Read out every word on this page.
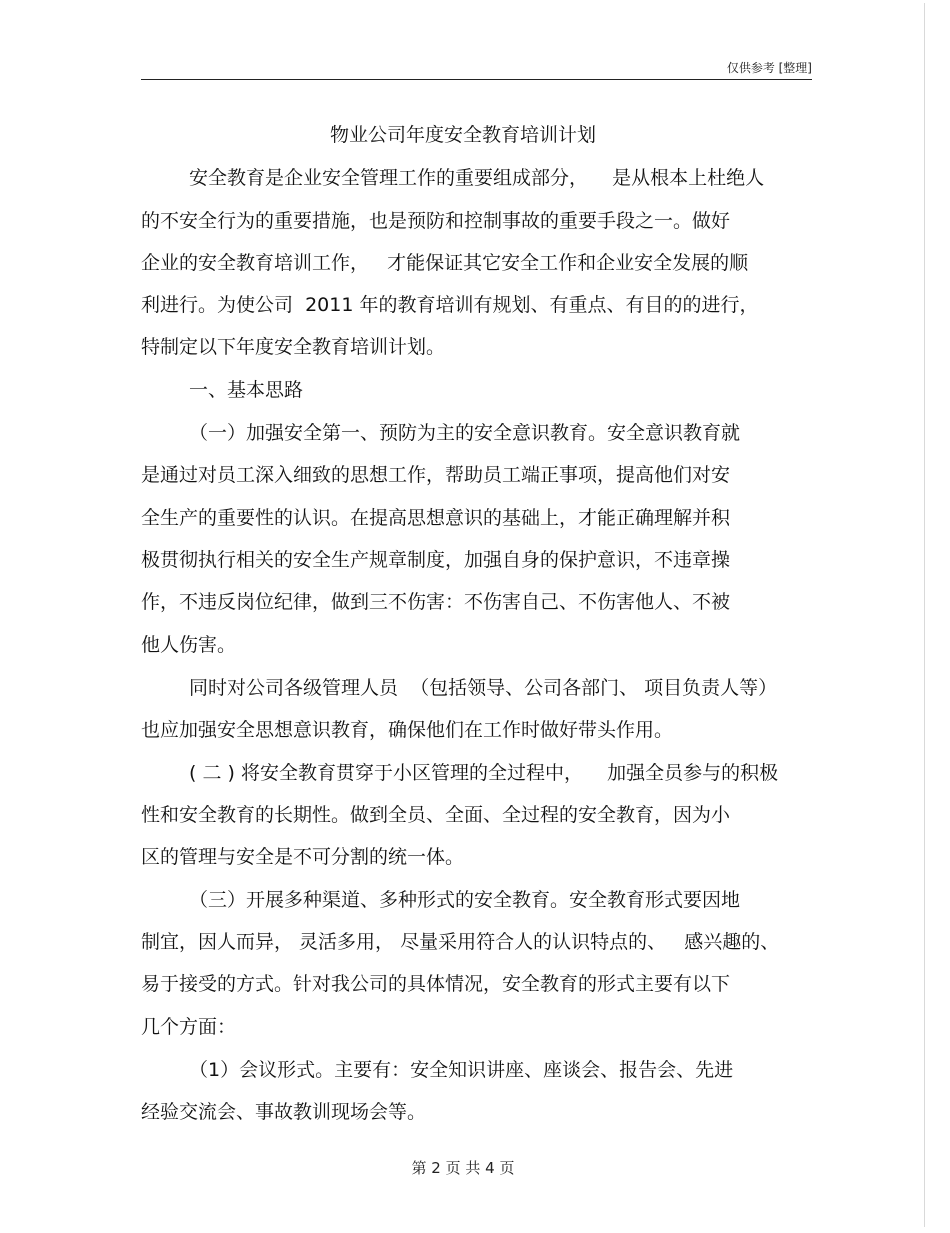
仅供参考 [整理]
物业公司年度安全教育培训计划
安全教育是企业安全管理工作的重要组成部分，    是从根本上杜绝人
的不安全行为的重要措施，也是预防和控制事故的重要手段之一。做好
企业的安全教育培训工作，   才能保证其它安全工作和企业安全发展的顺
利进行。为使公司  2011 年的教育培训有规划、有重点、有目的的进行，
特制定以下年度安全教育培训计划。
一、基本思路
（一）加强安全第一、预防为主的安全意识教育。安全意识教育就
是通过对员工深入细致的思想工作，帮助员工端正事项，提高他们对安
全生产的重要性的认识。在提高思想意识的基础上，才能正确理解并积
极贯彻执行相关的安全生产规章制度，加强自身的保护意识，不违章操
作，不违反岗位纪律，做到三不伤害：不伤害自己、不伤害他人、不被
他人伤害。
同时对公司各级管理人员  （包括领导、公司各部门、 项目负责人等）
也应加强安全思想意识教育，确保他们在工作时做好带头作用。
( 二 ) 将安全教育贯穿于小区管理的全过程中，    加强全员参与的积极
性和安全教育的长期性。做到全员、全面、全过程的安全教育，因为小
区的管理与安全是不可分割的统一体。
（三）开展多种渠道、多种形式的安全教育。安全教育形式要因地
制宜，因人而异， 灵活多用， 尽量采用符合人的认识特点的、   感兴趣的、
易于接受的方式。针对我公司的具体情况，安全教育的形式主要有以下
几个方面：
（1）会议形式。主要有：安全知识讲座、座谈会、报告会、先进
经验交流会、事故教训现场会等。
第 2 页 共 4 页
